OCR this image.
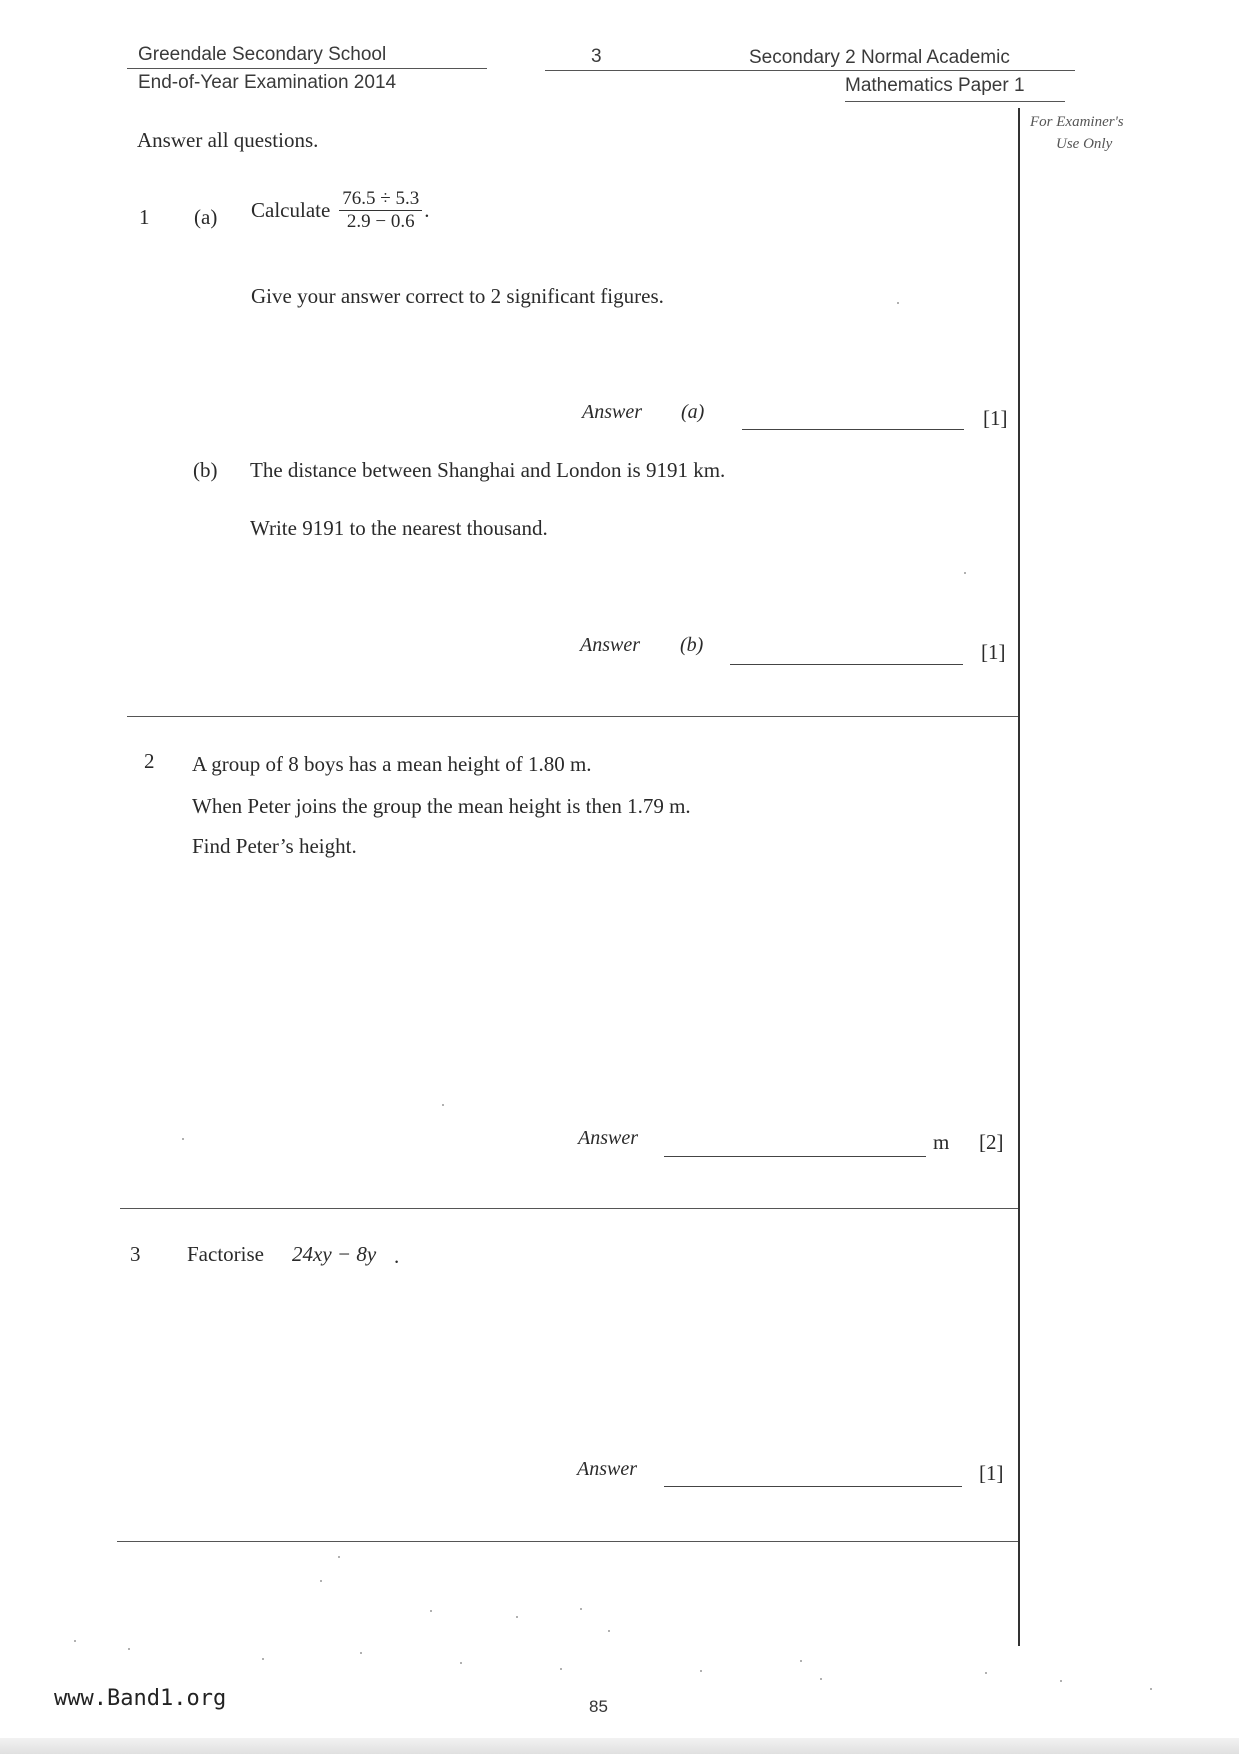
Greendale Secondary School
End-of-Year Examination 2014
3	Secondary 2 Normal Academic
Mathematics Paper 1
For Examiner's
Use Only
Answer all questions.
1 (a) Calculate $\frac{76.5 \div 5.3}{2.9 - 0.6}$ .
Give your answer correct to 2 significant figures.
Answer (a)	[1]
(b) The distance between Shanghai and London is 9191 km.
Write 9191 to the nearest thousand.
Answer (b)	[1]
2 A group of 8 boys has a mean height of 1.80 m.
When Peter joins the group the mean height is then 1.79 m.
Find Peter’s height.
Answer	m [2]
3 Factorise 24xy − 8y .
Answer	[1]
www.Band1.org	85
